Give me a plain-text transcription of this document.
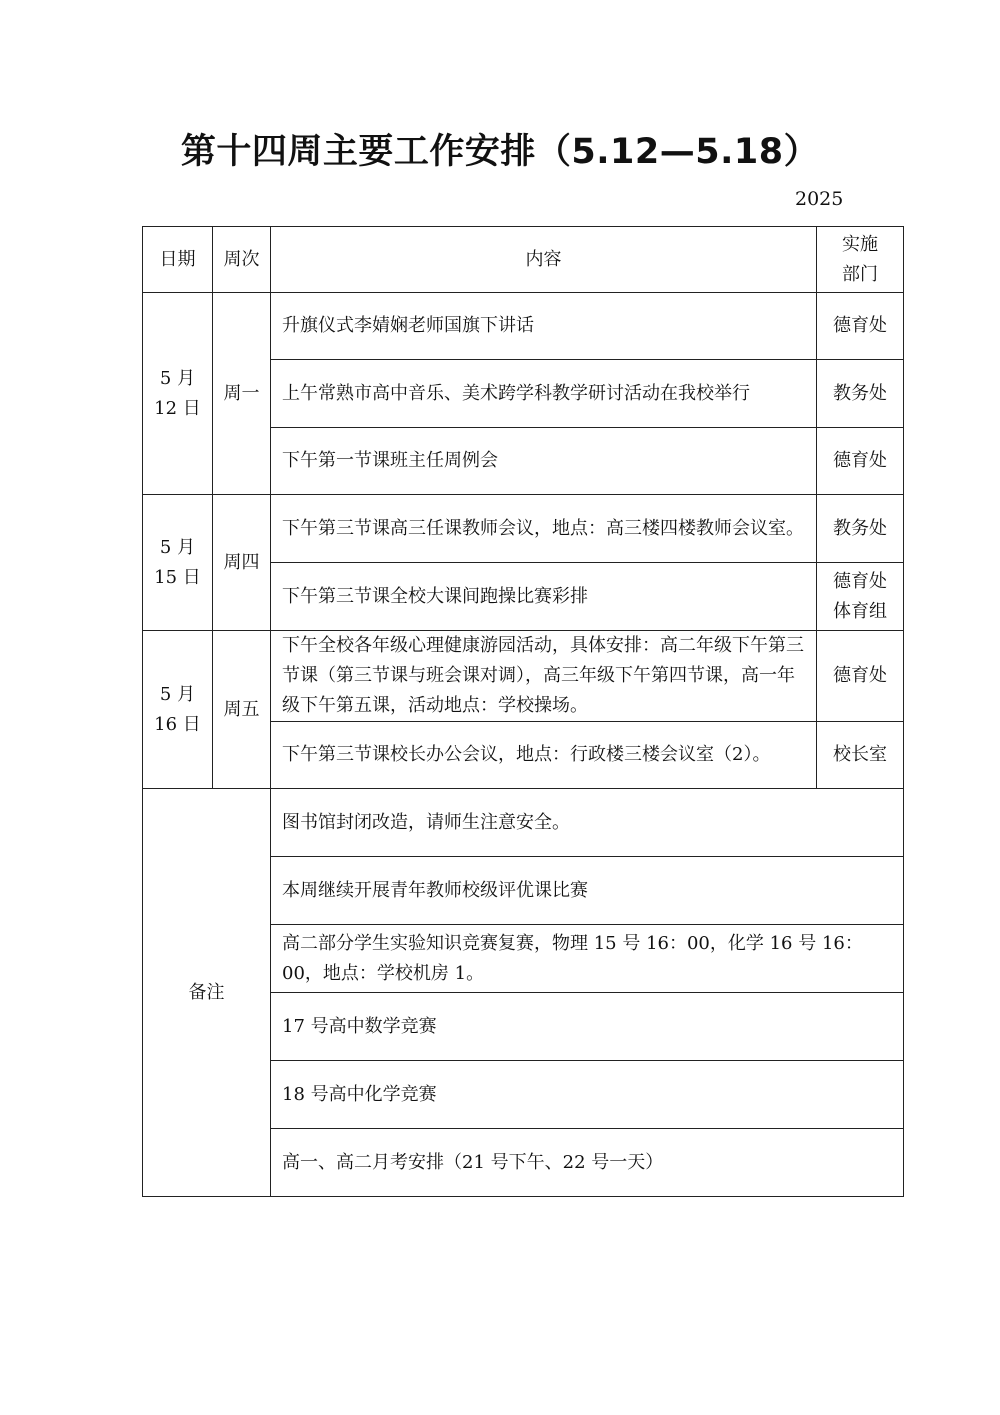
第十四周主要工作安排（5.12—5.18）
2025
日期	周次	内容	实施
部门

5 月
12 日	周一	升旗仪式李婧娴老师国旗下讲话	德育处

		上午常熟市高中音乐、美术跨学科教学研讨活动在我校举行	教务处

		下午第一节课班主任周例会	德育处

5 月
15 日	周四	下午第三节课高三任课教师会议，地点：高三楼四楼教师会议室。	教务处

		下午第三节课全校大课间跑操比赛彩排	德育处
体育组

5 月
16 日	周五	下午全校各年级心理健康游园活动，具体安排：高二年级下午第三节课（第三节课与班会课对调），高三年级下午第四节课，高一年级下午第五课，活动地点：学校操场。	德育处

		下午第三节课校长办公会议，地点：行政楼三楼会议室（2）。	校长室

备注		图书馆封闭改造，请师生注意安全。	
		本周继续开展青年教师校级评优课比赛	
		高二部分学生实验知识竞赛复赛，物理 15 号 16：00，化学 16 号 16：00，地点：学校机房 1。	
		17 号高中数学竞赛	
		18 号高中化学竞赛	
		高一、高二月考安排（21 号下午、22 号一天）	
